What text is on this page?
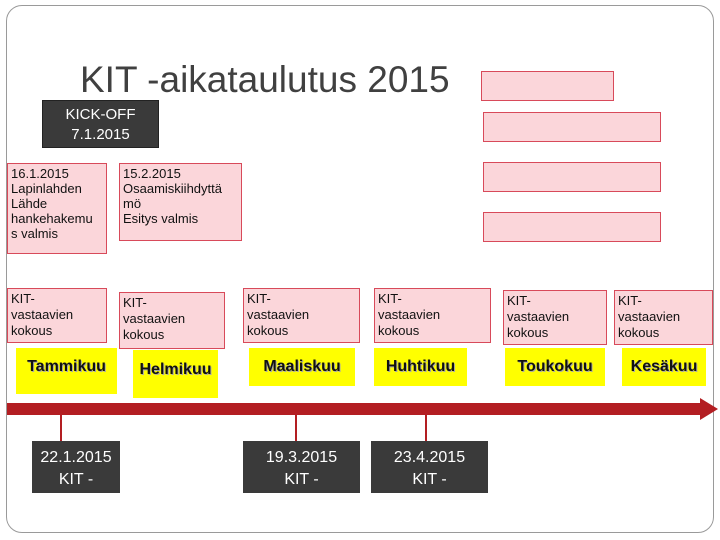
KIT -aikataulutus 2015
KICK-OFF
7.1.2015
16.1.2015
Lapinlahden
Lähde
hankehakemu
s valmis
15.2.2015
Osaamiskiihdyttä
mö
Esitys valmis
KIT-
vastaavien
kokous
KIT-
vastaavien
kokous
KIT-
vastaavien
kokous
KIT-
vastaavien
kokous
KIT-
vastaavien
kokous
KIT-
vastaavien
kokous
Tammikuu	Helmikuu	Maaliskuu	Huhtikuu	Toukokuu	Kesäkuu
22.1.2015
KIT -
19.3.2015
KIT -
23.4.2015
KIT -
